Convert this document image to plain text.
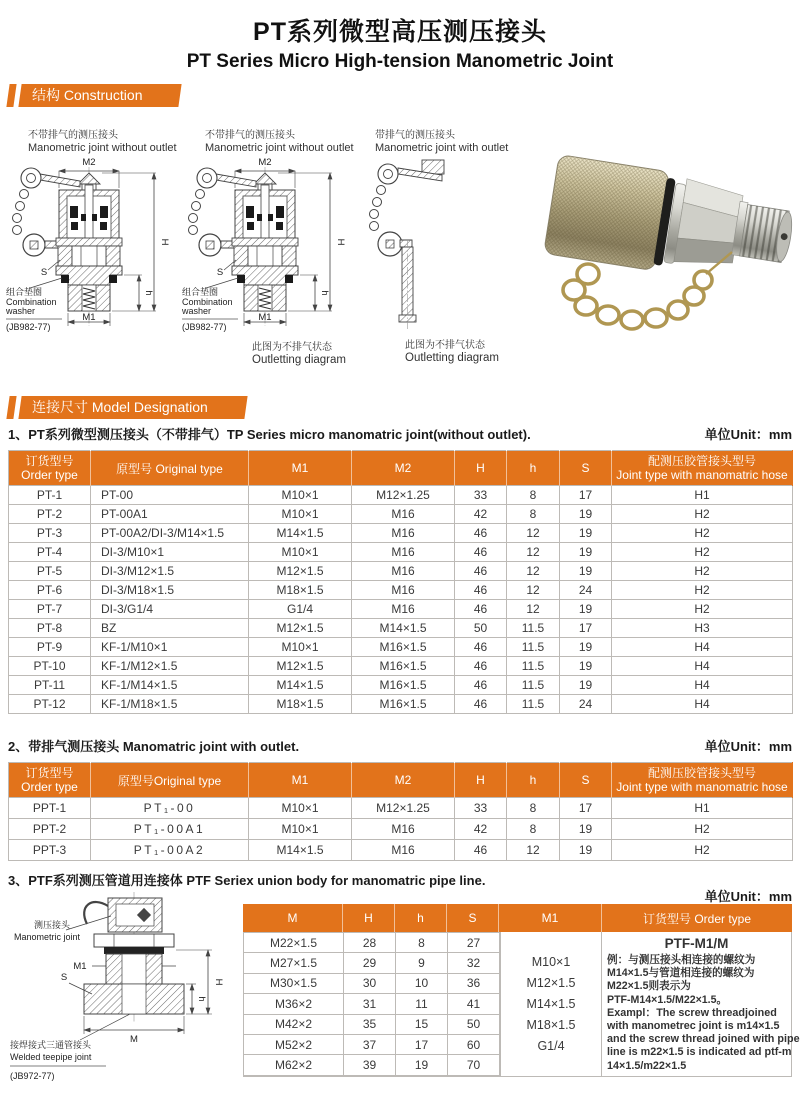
PT系列微型高压测压接头
PT Series Micro High-tension Manometric Joint
结构 Construction
不带排气的测压接头
Manometric joint without outlet
不带排气的测压接头
Manometric joint without outlet
带排气的测压接头
Manometric joint with outlet
此图为不排气状态
Outletting diagram
此图为不排气状态
Outletting diagram
连接尺寸 Model Designation
1、PT系列微型测压接头（不带排气）TP Series micro manomatric joint(without outlet).	单位Unit：mm
订货型号
Order type	原型号 Original type	M1	M2	H	h	S	配测压胶管接头型号
Joint type with manomatric hose

PT-1	PT-00	M10×1	M12×1.25	33	8	17	H1
PT-2	PT-00A1	M10×1	M16	42	8	19	H2
PT-3	PT-00A2/DI-3/M14×1.5	M14×1.5	M16	46	12	19	H2
PT-4	DI-3/M10×1	M10×1	M16	46	12	19	H2
PT-5	DI-3/M12×1.5	M12×1.5	M16	46	12	19	H2
PT-6	DI-3/M18×1.5	M18×1.5	M16	46	12	24	H2
PT-7	DI-3/G1/4	G1/4	M16	46	12	19	H2
PT-8	BZ	M12×1.5	M14×1.5	50	11.5	17	H3
PT-9	KF-1/M10×1	M10×1	M16×1.5	46	11.5	19	H4
PT-10	KF-1/M12×1.5	M12×1.5	M16×1.5	46	11.5	19	H4
PT-11	KF-1/M14×1.5	M14×1.5	M16×1.5	46	11.5	19	H4
PT-12	KF-1/M18×1.5	M18×1.5	M16×1.5	46	11.5	24	H4
2、带排气测压接头 Manomatric joint with outlet.	单位Unit：mm
订货型号
Order type	原型号Original type	M1	M2	H	h	S	配测压胶管接头型号
Joint type with manomatric hose

PPT-1	PT₁-00	M10×1	M12×1.25	33	8	17	H1
PPT-2	PT₁-00A1	M10×1	M16	42	8	19	H2
PPT-3	PT₁-00A2	M14×1.5	M16	46	12	19	H2
3、PTF系列测压管道用连接体 PTF Seriex union body for manomatric pipe line.
测压接头
Manometric joint
M1
S	H
h
M
接焊接式三通管接头
Welded teepipe joint
(JB972-77)
单位Unit：mm
M	H	h	S	M1	订货型号 Order type
M22×1.5	28	8	27
M27×1.5	29	9	32
M30×1.5	30	10	36
M36×2	31	11	41
M42×2	35	15	50
M52×2	37	17	60
M62×2	39	19	70
M10×1
M12×1.5
M14×1.5
M18×1.5
G1/4
PTF-M1/M
例：与测压接头相连接的螺纹为
M14×1.5与管道相连接的螺纹为
M22×1.5则表示为
PTF-M14×1.5/M22×1.5。
Exampl：The screw threadjoined
with manometrec joint is m14×1.5
and the screw thread joined with pipe
line is m22×1.5 is indicated ad ptf-m
14×1.5/m22×1.5
